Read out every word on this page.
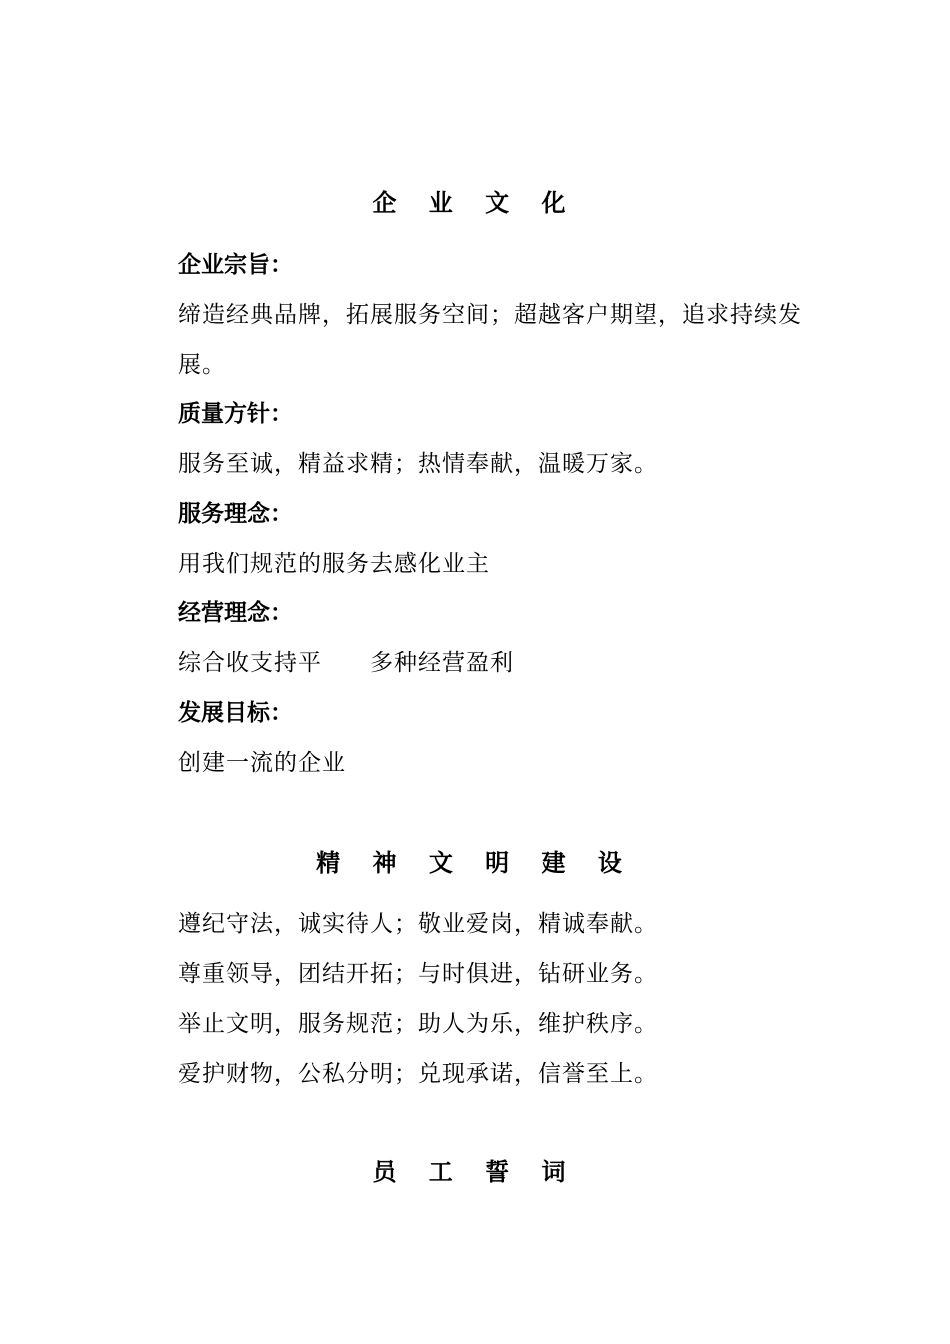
企 业 文 化
企业宗旨：

缔造经典品牌，拓展服务空间；超越客户期望，追求持续发展。

质量方针：
服务至诚，精益求精；热情奉献，温暖万家。
服务理念：
用我们规范的服务去感化业主
经营理念：
综合收支持平　　多种经营盈利
发展目标：
创建一流的企业
精 神 文 明 建 设
遵纪守法，诚实待人；敬业爱岗，精诚奉献。
尊重领导，团结开拓；与时俱进，钻研业务。
举止文明，服务规范；助人为乐，维护秩序。
爱护财物，公私分明；兑现承诺，信誉至上。
员 工 誓 词
